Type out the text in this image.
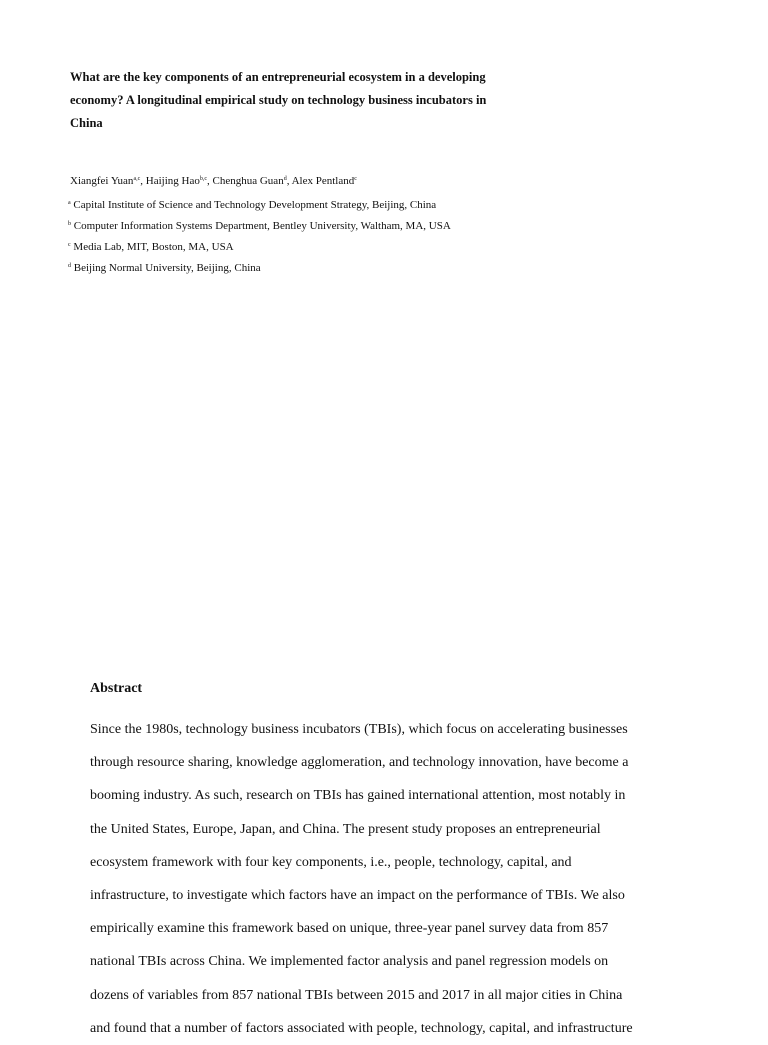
What are the key components of an entrepreneurial ecosystem in a developing
economy? A longitudinal empirical study on technology business incubators in
China
Xiangfei Yuan$^{a,c}$, Haijing Hao$^{b,c}$, Chenghua Guan$^d$, Alex Pentland$^c$
$^a$ Capital Institute of Science and Technology Development Strategy, Beijing, China
$^b$ Computer Information Systems Department, Bentley University, Waltham, MA, USA
$^c$ Media Lab, MIT, Boston, MA, USA
$^d$ Beijing Normal University, Beijing, China
Abstract
Since the 1980s, technology business incubators (TBIs), which focus on accelerating businesses
through resource sharing, knowledge agglomeration, and technology innovation, have become a
booming industry. As such, research on TBIs has gained international attention, most notably in
the United States, Europe, Japan, and China. The present study proposes an entrepreneurial
ecosystem framework with four key components, i.e., people, technology, capital, and
infrastructure, to investigate which factors have an impact on the performance of TBIs. We also
empirically examine this framework based on unique, three-year panel survey data from 857
national TBIs across China. We implemented factor analysis and panel regression models on
dozens of variables from 857 national TBIs between 2015 and 2017 in all major cities in China
and found that a number of factors associated with people, technology, capital, and infrastructure
